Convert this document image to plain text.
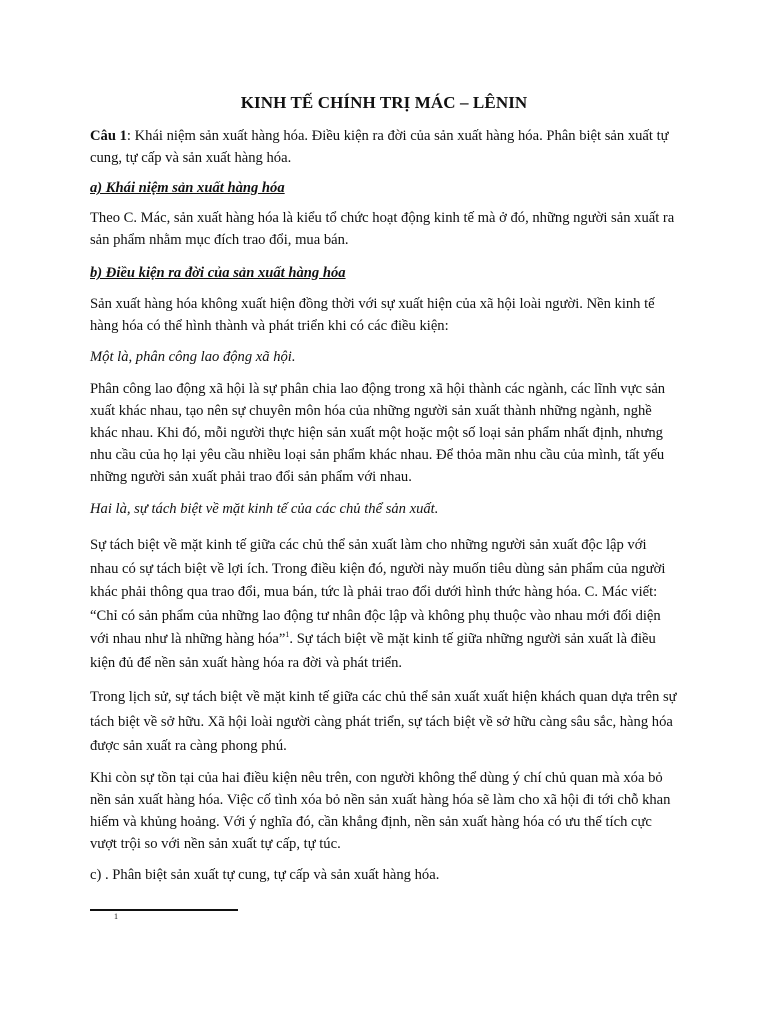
KINH TẾ CHÍNH TRỊ MÁC – LÊNIN

Câu 1: Khái niệm sản xuất hàng hóa. Điều kiện ra đời của sản xuất hàng hóa. Phân biệt sản xuất tự cung, tự cấp và sản xuất hàng hóa.

a) Khái niệm sản xuất hàng hóa

Theo C. Mác, sản xuất hàng hóa là kiểu tổ chức hoạt động kinh tế mà ở đó, những người sản xuất ra sản phẩm nhằm mục đích trao đổi, mua bán.

b) Điều kiện ra đời của sản xuất hàng hóa

Sản xuất hàng hóa không xuất hiện đồng thời với sự xuất hiện của xã hội loài người. Nền kinh tế hàng hóa có thể hình thành và phát triển khi có các điều kiện:

Một là, phân công lao động xã hội.

Phân công lao động xã hội là sự phân chia lao động trong xã hội thành các ngành, các lĩnh vực sản xuất khác nhau, tạo nên sự chuyên môn hóa của những người sản xuất thành những ngành, nghề khác nhau. Khi đó, mỗi người thực hiện sản xuất một hoặc một số loại sản phẩm nhất định, nhưng nhu cầu của họ lại yêu cầu nhiều loại sản phẩm khác nhau. Để thỏa mãn nhu cầu của mình, tất yếu những người sản xuất phải trao đổi sản phẩm với nhau.

Hai là, sự tách biệt về mặt kinh tế của các chủ thể sản xuất.

Sự tách biệt về mặt kinh tế giữa các chủ thể sản xuất làm cho những người sản xuất độc lập với nhau có sự tách biệt về lợi ích. Trong điều kiện đó, người này muốn tiêu dùng sản phẩm của người khác phải thông qua trao đổi, mua bán, tức là phải trao đổi dưới hình thức hàng hóa. C. Mác viết: “Chỉ có sản phẩm của những lao động tư nhân độc lập và không phụ thuộc vào nhau mới đối diện với nhau như là những hàng hóa”$^1$. Sự tách biệt về mặt kinh tế giữa những người sản xuất là điều kiện đủ để nền sản xuất hàng hóa ra đời và phát triển.

Trong lịch sử, sự tách biệt về mặt kinh tế giữa các chủ thể sản xuất xuất hiện khách quan dựa trên sự tách biệt về sở hữu. Xã hội loài người càng phát triển, sự tách biệt về sở hữu càng sâu sắc, hàng hóa được sản xuất ra càng phong phú.

Khi còn sự tồn tại của hai điều kiện nêu trên, con người không thể dùng ý chí chủ quan mà xóa bỏ nền sản xuất hàng hóa. Việc cố tình xóa bỏ nền sản xuất hàng hóa sẽ làm cho xã hội đi tới chỗ khan hiếm và khủng hoảng. Với ý nghĩa đó, cần khẳng định, nền sản xuất hàng hóa có ưu thế tích cực vượt trội so với nền sản xuất tự cấp, tự túc.

c) . Phân biệt sản xuất tự cung, tự cấp và sản xuất hàng hóa.

1
